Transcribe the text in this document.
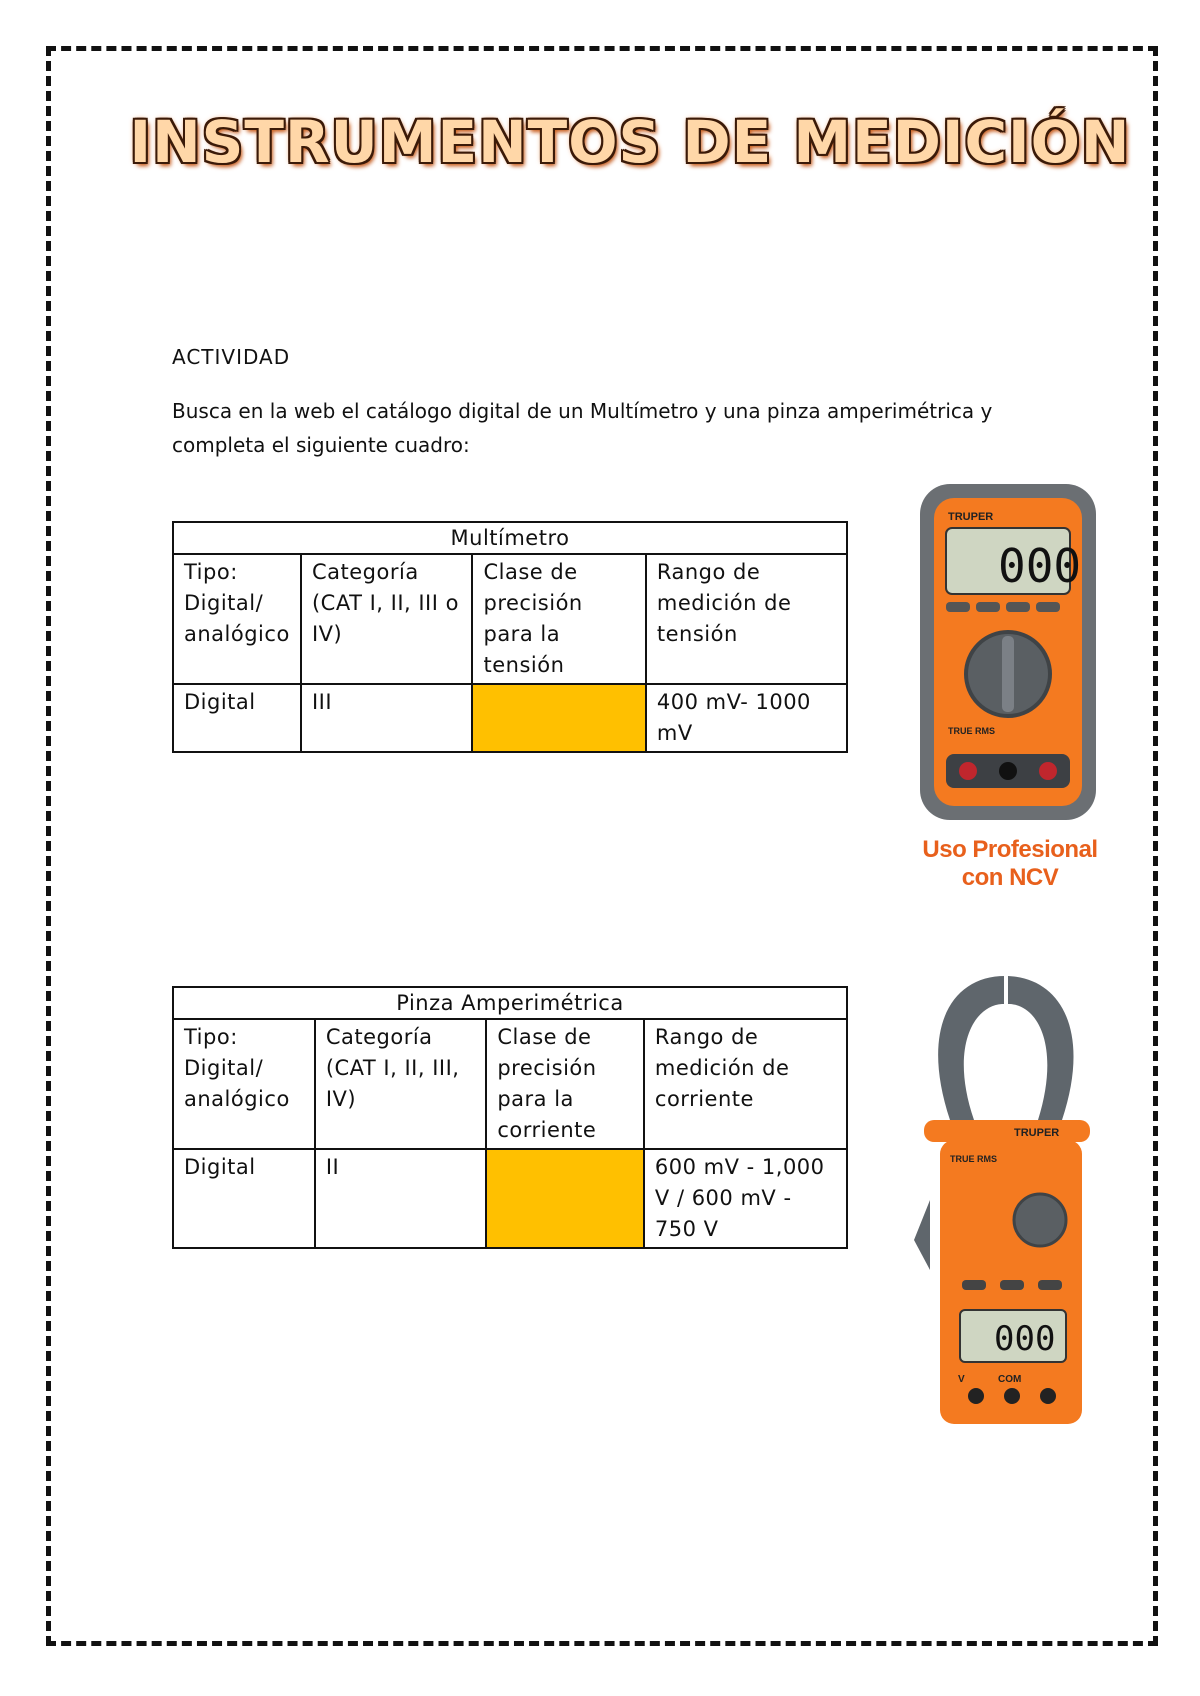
INSTRUMENTOS DE MEDICIÓN
ACTIVIDAD
Busca en la web el catálogo digital de un Multímetro y una pinza amperimétrica y completa el siguiente cuadro:
Multímetro			
Tipo: Digital/ analógico	Categoría (CAT I, II, III o IV)	Clase de precisión para la tensión	Rango de medición de tensión
Digital	III		400 mV- 1000 mV
Pinza Amperimétrica			
Tipo: Digital/ analógico	Categoría (CAT I, II, III, IV)	Clase de precisión para la corriente	Rango de medición de corriente
Digital	II		600 mV - 1,000 V / 600 mV - 750 V
TRUPER
000
TRUE RMS
Uso Profesional
con NCV
TRUPER
TRUE RMS
000
V	COM
